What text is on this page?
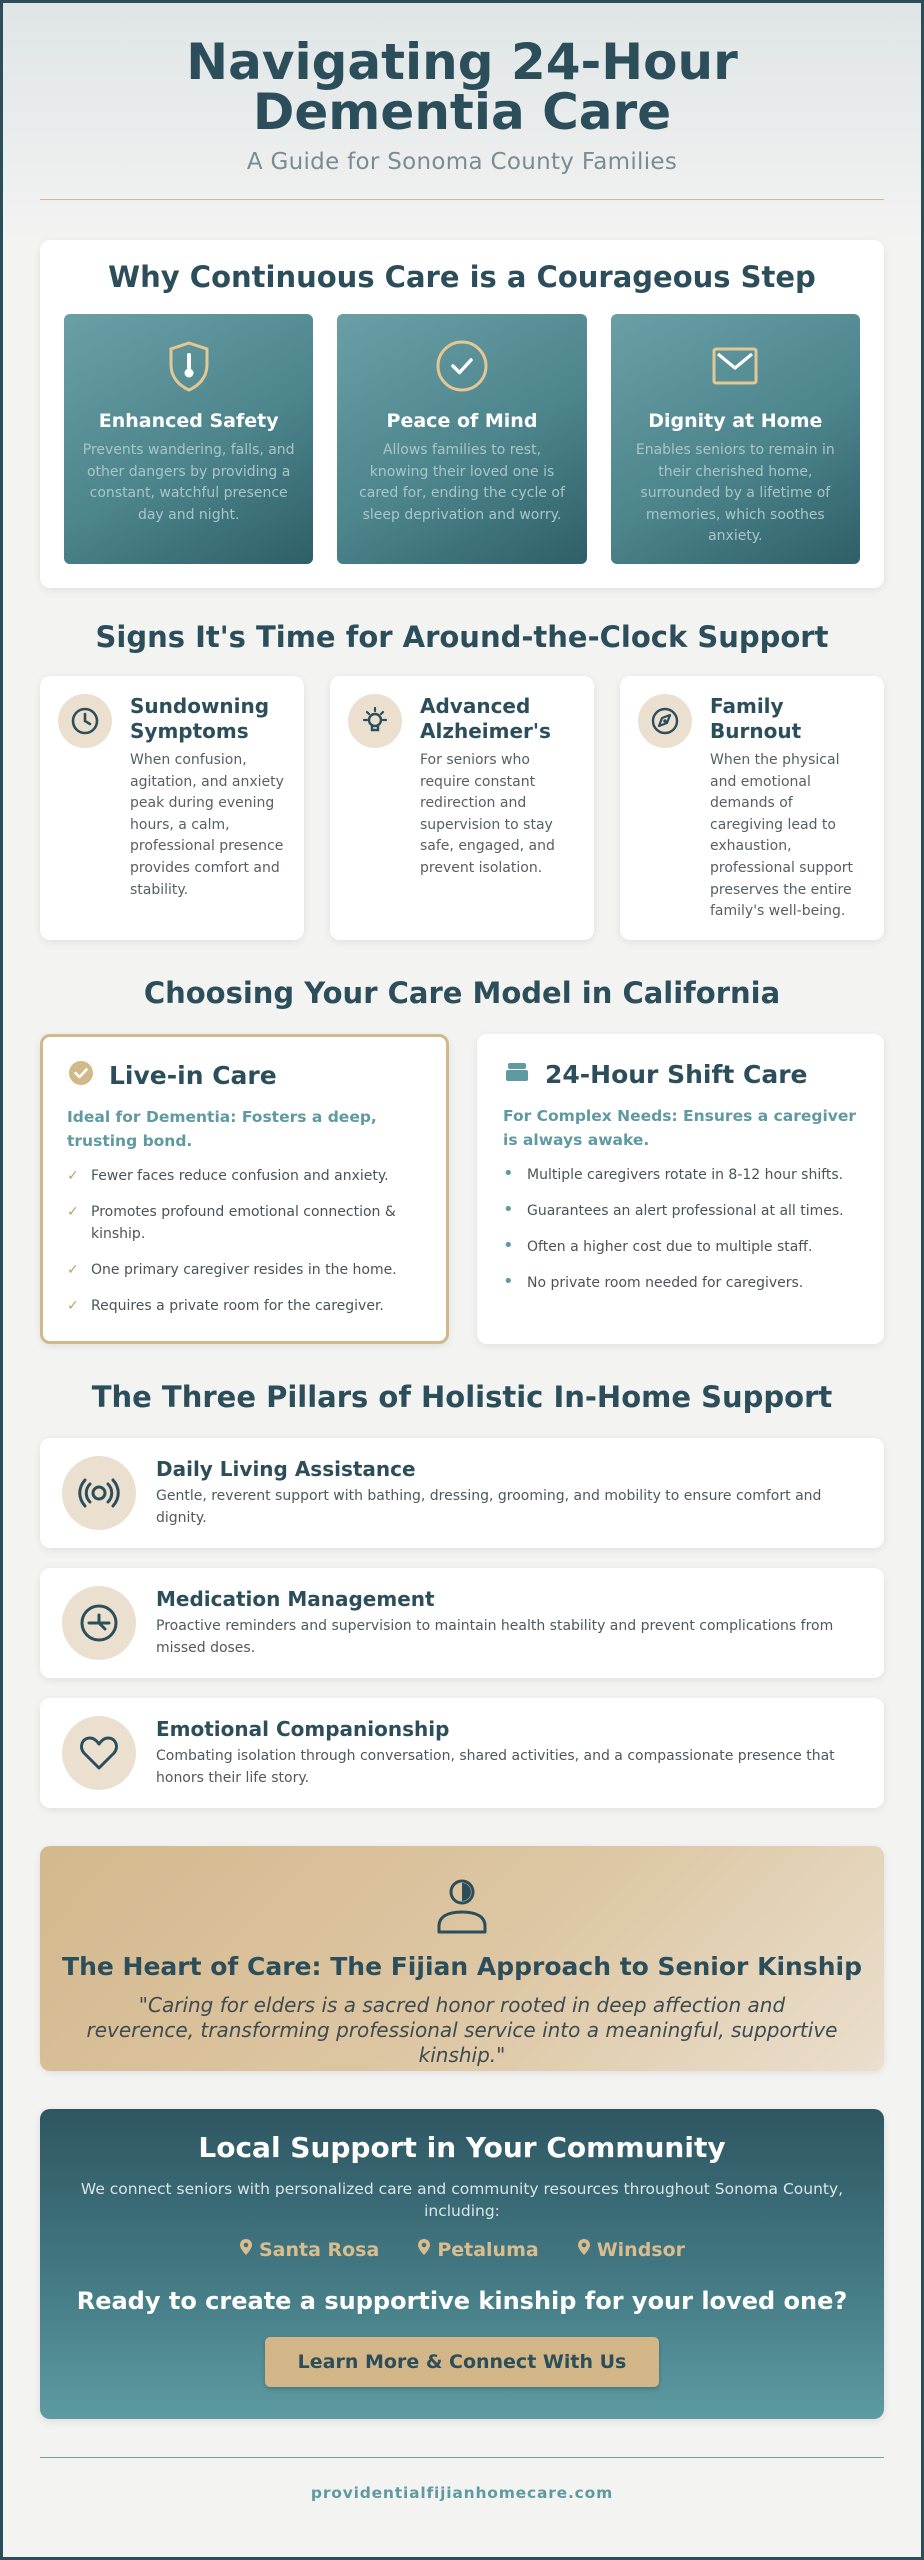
Navigating 24-Hour Dementia Care
A Guide for Sonoma County Families
Why Continuous Care is a Courageous Step
Enhanced Safety

Prevents wandering, falls, and other dangers by providing a constant, watchful presence day and night.

Peace of Mind

Allows families to rest, knowing their loved one is cared for, ending the cycle of sleep deprivation and worry.

Dignity at Home

Enables seniors to remain in their cherished home, surrounded by a lifetime of memories, which soothes anxiety.

Signs It's Time for Around-the-Clock Support
Sundowning Symptoms

When confusion, agitation, and anxiety peak during evening hours, a calm, professional presence provides comfort and stability.

Advanced Alzheimer's

For seniors who require constant redirection and supervision to stay safe, engaged, and prevent isolation.

Family Burnout

When the physical and emotional demands of caregiving lead to exhaustion, professional support preserves the entire family's well-being.

Choosing Your Care Model in California
Live-in Care
Ideal for Dementia: Fosters a deep, trusting bond.
✓ Fewer faces reduce confusion and anxiety.
✓ Promotes profound emotional connection & kinship.
✓ One primary caregiver resides in the home.
✓ Requires a private room for the caregiver.
24-Hour Shift Care
For Complex Needs: Ensures a caregiver is always awake.
• Multiple caregivers rotate in 8-12 hour shifts.
• Guarantees an alert professional at all times.
• Often a higher cost due to multiple staff.
• No private room needed for caregivers.
The Three Pillars of Holistic In-Home Support
Daily Living Assistance

Gentle, reverent support with bathing, dressing, grooming, and mobility to ensure comfort and dignity.

Medication Management

Proactive reminders and supervision to maintain health stability and prevent complications from missed doses.

Emotional Companionship

Combating isolation through conversation, shared activities, and a compassionate presence that honors their life story.

The Heart of Care: The Fijian Approach to Senior Kinship

"Caring for elders is a sacred honor rooted in deep affection and reverence, transforming professional service into a meaningful, supportive kinship."

Local Support in Your Community
We connect seniors with personalized care and community resources throughout Sonoma County, including:
Santa Rosa	Petaluma	Windsor
Ready to create a supportive kinship for your loved one?
Learn More & Connect With Us
providentialfijianhomecare.com
